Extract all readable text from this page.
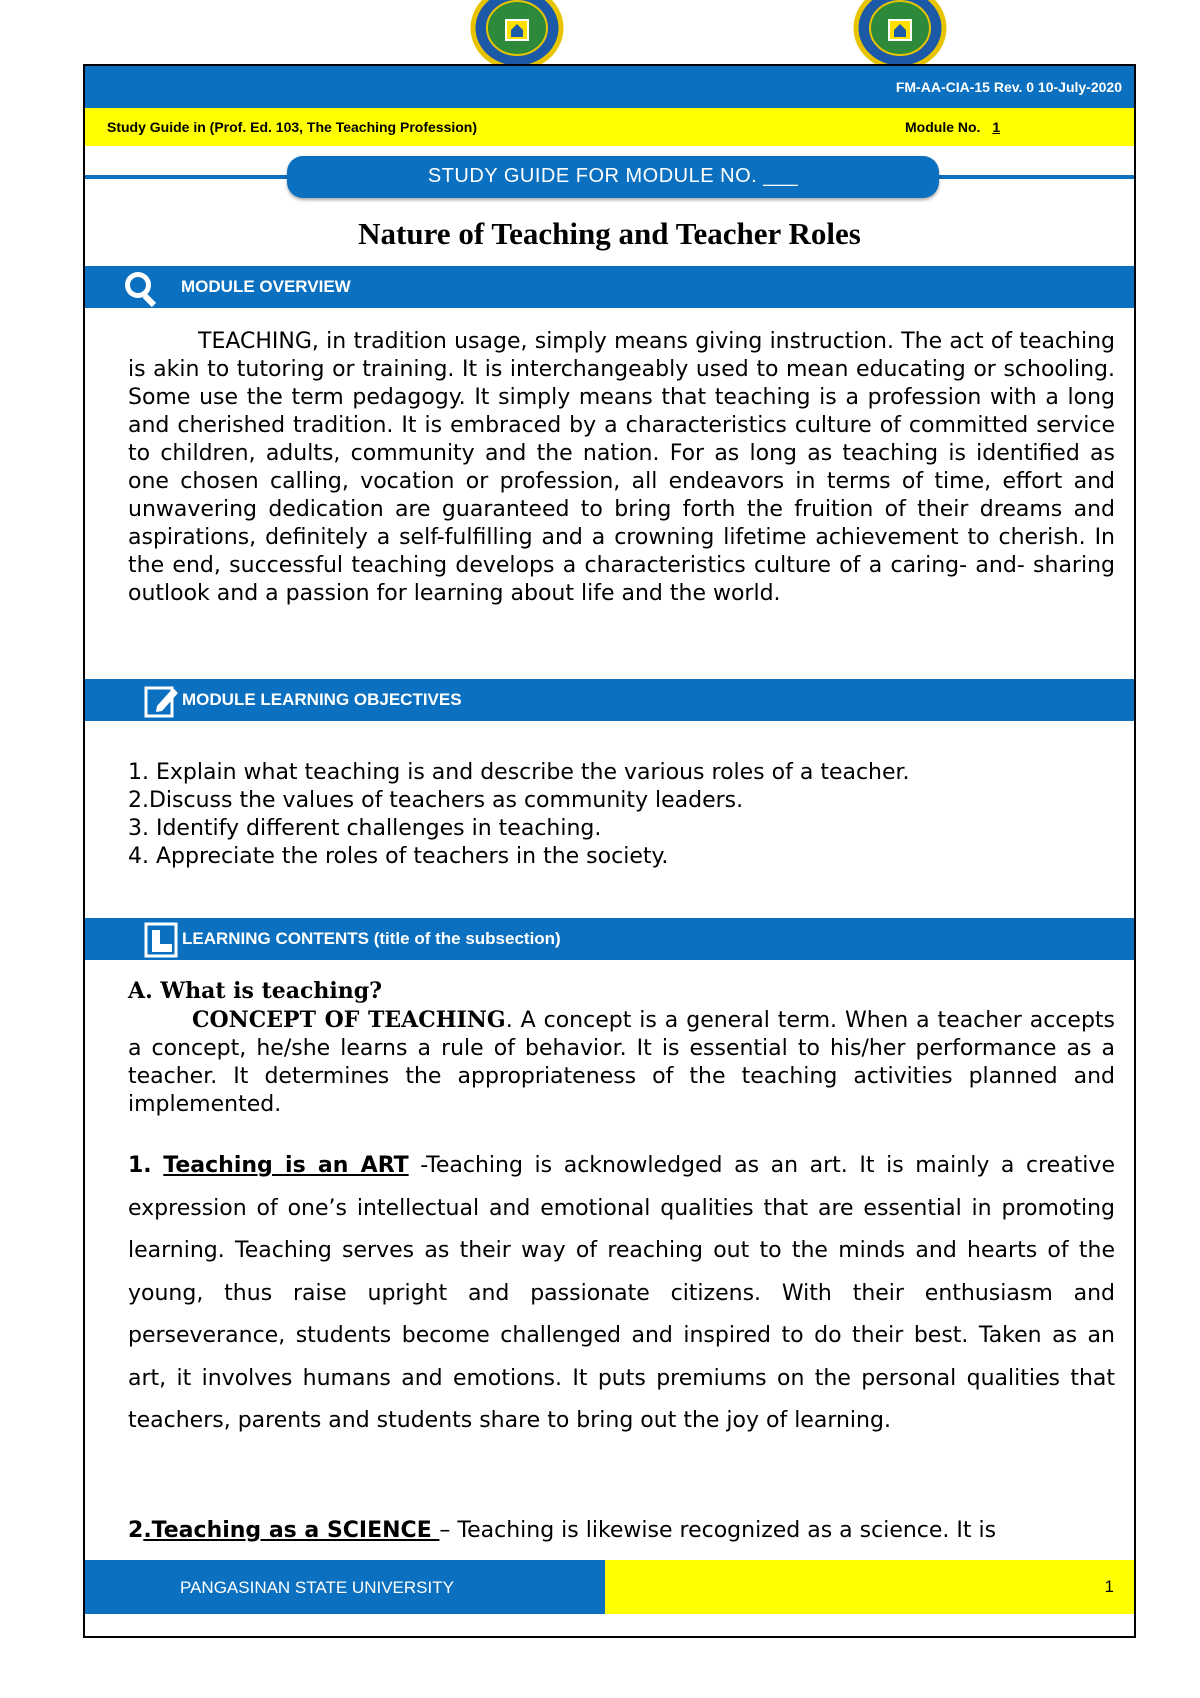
FM-AA-CIA-15 Rev. 0 10-July-2020
Study Guide in (Prof. Ed. 103, The Teaching Profession)	Module No. 1
STUDY GUIDE FOR MODULE NO. ___
Nature of Teaching and Teacher Roles
MODULE OVERVIEW
TEACHING, in tradition usage, simply means giving instruction. The act of teaching is akin to tutoring or training. It is interchangeably used to mean educating or schooling. Some use the term pedagogy. It simply means that teaching is a profession with a long and cherished tradition. It is embraced by a characteristics culture of committed service to children, adults, community and the nation. For as long as teaching is identified as one chosen calling, vocation or profession, all endeavors in terms of time, effort and unwavering dedication are guaranteed to bring forth the fruition of their dreams and aspirations, definitely a self-fulfilling and a crowning lifetime achievement to cherish. In the end, successful teaching develops a characteristics culture of a caring- and- sharing outlook and a passion for learning about life and the world.
MODULE LEARNING OBJECTIVES
1. Explain what teaching is and describe the various roles of a teacher.
2.Discuss the values of teachers as community leaders.
3. Identify different challenges in teaching.
4. Appreciate the roles of teachers in the society.
LEARNING CONTENTS (title of the subsection)
A. What is teaching?
CONCEPT OF TEACHING. A concept is a general term. When a teacher accepts a concept, he/she learns a rule of behavior. It is essential to his/her performance as a teacher. It determines the appropriateness of the teaching activities planned and implemented.
1. Teaching is an ART -Teaching is acknowledged as an art. It is mainly a creative expression of one’s intellectual and emotional qualities that are essential in promoting learning. Teaching serves as their way of reaching out to the minds and hearts of the young, thus raise upright and passionate citizens. With their enthusiasm and perseverance, students become challenged and inspired to do their best. Taken as an art, it involves humans and emotions. It puts premiums on the personal qualities that teachers, parents and students share to bring out the joy of learning.
2.Teaching as a SCIENCE – Teaching is likewise recognized as a science. It is
PANGASINAN STATE UNIVERSITY	1
